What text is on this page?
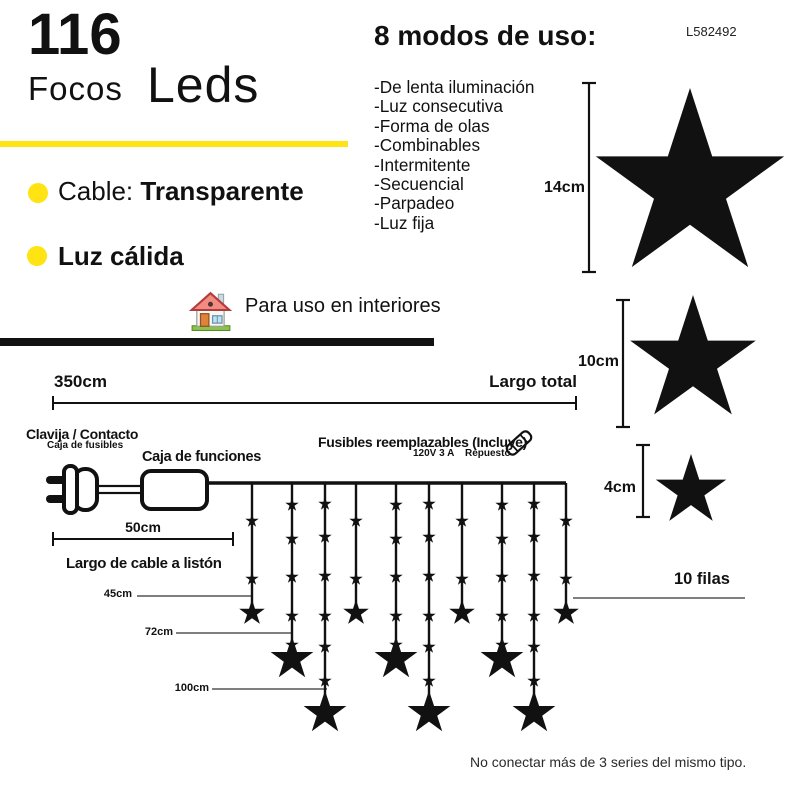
116
Focos Leds
Cable: Transparente
Luz cálida
Para uso en interiores
8 modos de uso:	L582492
-De lenta iluminación
-Luz consecutiva
-Forma de olas
-Combinables
-Intermitente
-Secuencial
-Parpadeo
-Luz fija
14cm
10cm
4cm
350cm	Largo total
Clavija / Contacto
Caja de fusibles
Caja de funciones
Fusibles reemplazables (Incluye)
120V 3 A Repuesto
50cm
Largo de cable a listón
45cm
72cm
100cm
10 filas
No conectar más de 3 series del mismo tipo.
